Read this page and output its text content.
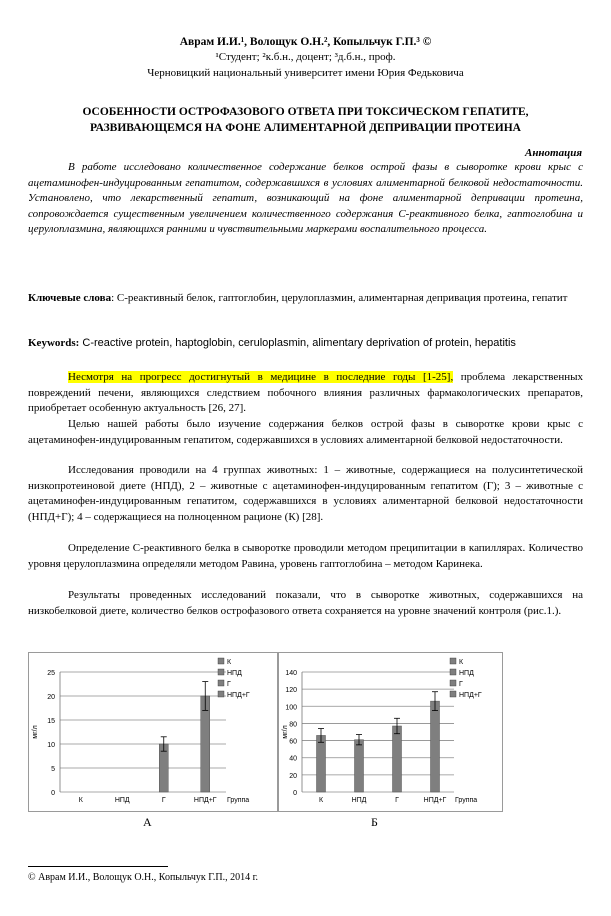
Аврам И.И.¹, Волощук О.Н.², Копыльчук Г.П.³ ©
¹Студент; ²к.б.н., доцент; ³д.б.н., проф.
Черновицкий национальный университет имени Юрия Федьковича
ОСОБЕННОСТИ ОСТРОФАЗОВОГО ОТВЕТА ПРИ ТОКСИЧЕСКОМ ГЕПАТИТЕ,
РАЗВИВАЮЩЕМСЯ НА ФОНЕ АЛИМЕНТАРНОЙ ДЕПРИВАЦИИ ПРОТЕИНА
Аннотация
В работе исследовано количественное содержание белков острой фазы в сыворотке крови крыс с ацетаминофен-индуцированным гепатитом, содержавшихся в условиях алиментарной белковой недостаточности. Установлено, что лекарственный гепатит, возникающий на фоне алиментарной депривации протеина, сопровождается существенным увеличением количественного содержания С-реактивного белка, гаптоглобина и церулоплазмина, являющихся ранними и чувствительными маркерами воспалительного процесса.
Ключевые слова: С-реактивный белок, гаптоглобин, церулоплазмин, алиментарная депривация протеина, гепатит
Keywords: C-reactive protein, haptoglobin, ceruloplasmin, alimentary deprivation of protein, hepatitis
Несмотря на прогресс достигнутый в медицине в последние годы [1-25], проблема лекарственных повреждений печени, являющихся следствием побочного влияния различных фармакологических препаратов, приобретает особенную актуальность [26, 27].
Целью нашей работы было изучение содержания белков острой фазы в сыворотке крови крыс с ацетаминофен-индуцированным гепатитом, содержавшихся в условиях алиментарной белковой недостаточности.
Исследования проводили на 4 группах животных: 1 – животные, содержащиеся на полусинтетической низкопротеиновой диете (НПД), 2 – животные с ацетаминофен-индуцированным гепатитом (Г); 3 – животные с ацетаминофен-индуцированным гепатитом, содержавшихся в условиях алиментарной белковой недостаточности (НПД+Г); 4 – содержащиеся на полноценном рационе (К) [28].
Определение С-реактивного белка в сыворотке проводили методом преципитации в капиллярах. Количество уровня церулоплазмина определяли методом Равина, уровень гаптоглобина – методом Каринека.
Результаты проведенных исследований показали, что в сыворотке животных, содержавшихся на низкобелковой диете, количество белков острофазового ответа сохраняется на уровне значений контроля (рис.1.).
0
5
10
15
20
25
мг/л
К	НПД	Г	НПД+Г Группа
К
НПД
Г
НПД+Г
0
20
40
60
80
100
120
140
мг/л
К	НПД	Г	НПД+Г Группа
К
НПД
Г
НПД+Г
А	Б
© Аврам И.И., Волощук О.Н., Копыльчук Г.П., 2014 г.
